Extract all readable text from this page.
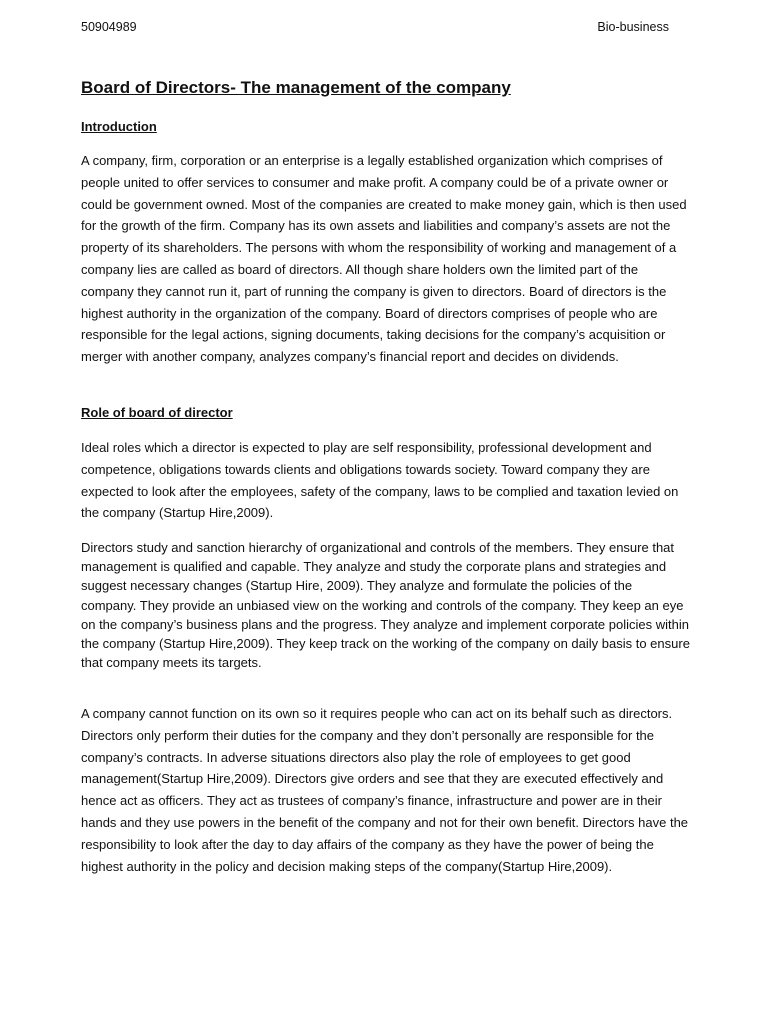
50904989	Bio-business
Board of Directors- The management of the company
Introduction

A company, firm, corporation or an enterprise is a legally established organization which comprises of people united to offer services to consumer and make profit. A company could be of a private owner or could be government owned. Most of the companies are created to make money gain, which is then used for the growth of the firm. Company has its own assets and liabilities and company’s assets are not the property of its shareholders. The persons with whom the responsibility of working and management of a company lies are called as board of directors. All though share holders own the limited part of the company they cannot run it, part of running the company is given to directors. Board of directors is the highest authority in the organization of the company. Board of directors comprises of people who are responsible for the legal actions, signing documents, taking decisions for the company’s acquisition or merger with another company, analyzes company’s financial report and decides on dividends.

Role of board of director

Ideal roles which a director is expected to play are self responsibility, professional development and competence, obligations towards clients and obligations towards society. Toward company they are expected to look after the employees, safety of the company, laws to be complied and taxation levied on the company (Startup Hire,2009).

Directors study and sanction hierarchy of organizational and controls of the members. They ensure that management is qualified and capable. They analyze and study the corporate plans and strategies and suggest necessary changes (Startup Hire, 2009). They analyze and formulate the policies of the company. They provide an unbiased view on the working and controls of the company. They keep an eye on the company’s business plans and the progress. They analyze and implement corporate policies within the company (Startup Hire,2009). They keep track on the working of the company on daily basis to ensure that company meets its targets.

A company cannot function on its own so it requires people who can act on its behalf such as directors. Directors only perform their duties for the company and they don’t personally are responsible for the company’s contracts. In adverse situations directors also play the role of employees to get good management(Startup Hire,2009). Directors give orders and see that they are executed effectively and hence act as officers. They act as trustees of company’s finance, infrastructure and power are in their hands and they use powers in the benefit of the company and not for their own benefit. Directors have the responsibility to look after the day to day affairs of the company as they have the power of being the highest authority in the policy and decision making steps of the company(Startup Hire,2009).
